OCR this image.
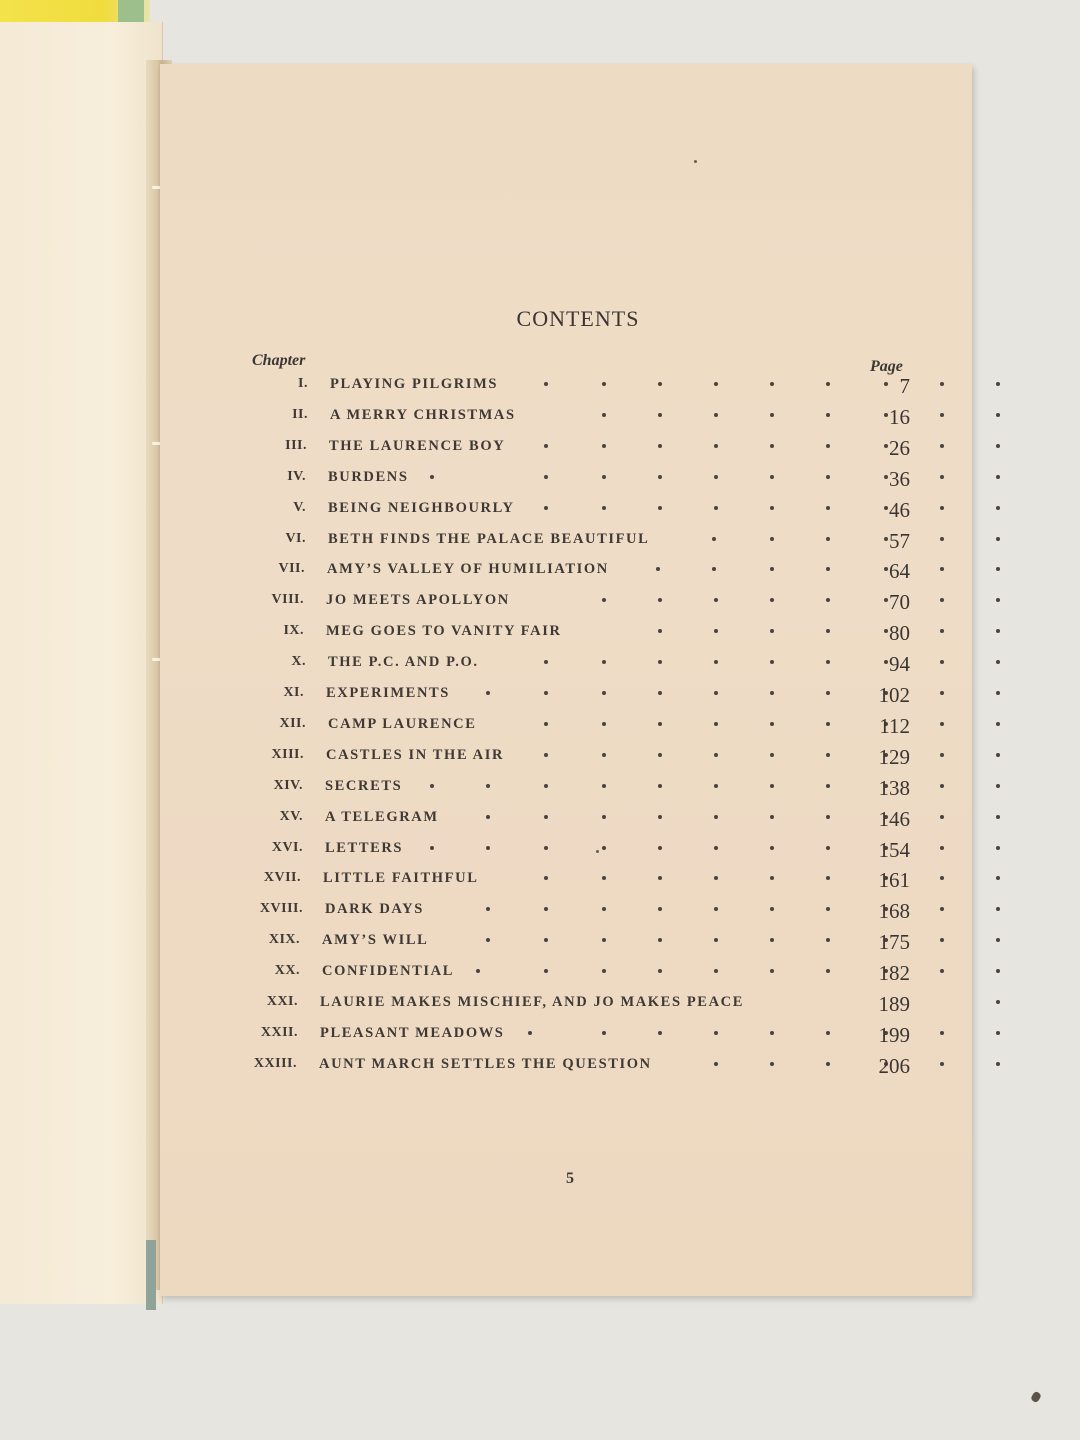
CONTENTS
Chapter	Page
I. PLAYING PILGRIMS	7
II. A MERRY CHRISTMAS	16
III. THE LAURENCE BOY	26
IV. BURDENS	36
V. BEING NEIGHBOURLY	46
VI. BETH FINDS THE PALACE BEAUTIFUL	57
VII. AMY’S VALLEY OF HUMILIATION	64
VIII. JO MEETS APOLLYON	70
IX. MEG GOES TO VANITY FAIR	80
X. THE P.C. AND P.O.	94
XI. EXPERIMENTS	102
XII. CAMP LAURENCE	112
XIII. CASTLES IN THE AIR	129
XIV. SECRETS	138
XV. A TELEGRAM	146
XVI. LETTERS	154
XVII. LITTLE FAITHFUL	161
XVIII. DARK DAYS	168
XIX. AMY’S WILL	175
XX. CONFIDENTIAL	182
XXI. LAURIE MAKES MISCHIEF, AND JO MAKES PEACE	189
XXII. PLEASANT MEADOWS	199
XXIII. AUNT MARCH SETTLES THE QUESTION	206
5
